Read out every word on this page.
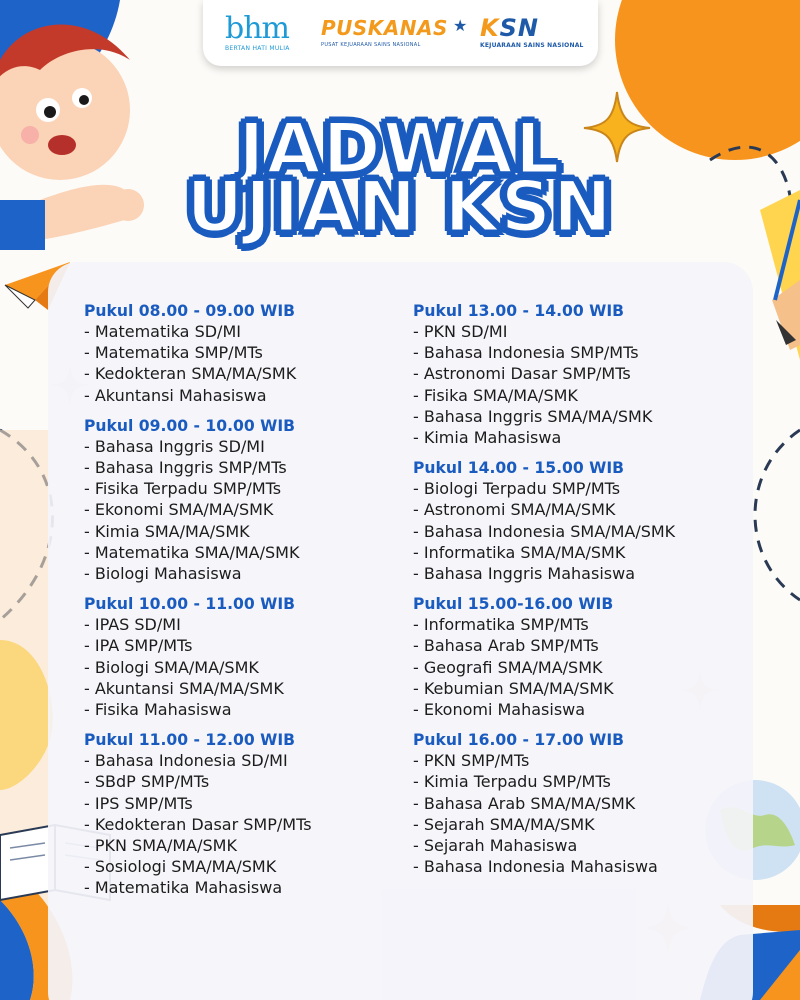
bhm
BERTAN HATI MULIA
PUSKANAS
PUSAT KEJUARAAN SAINS NASIONAL
★ KSN
KEJUARAAN SAINS NASIONAL
JADWAL
UJIAN KSN
Pukul 08.00 - 09.00 WIB
- Matematika SD/MI
- Matematika SMP/MTs
- Kedokteran SMA/MA/SMK
- Akuntansi Mahasiswa
Pukul 09.00 - 10.00 WIB
- Bahasa Inggris SD/MI
- Bahasa Inggris SMP/MTs
- Fisika Terpadu SMP/MTs
- Ekonomi SMA/MA/SMK
- Kimia SMA/MA/SMK
- Matematika SMA/MA/SMK
- Biologi Mahasiswa
Pukul 10.00 - 11.00 WIB
- IPAS SD/MI
- IPA SMP/MTs
- Biologi SMA/MA/SMK
- Akuntansi SMA/MA/SMK
- Fisika Mahasiswa
Pukul 11.00 - 12.00 WIB
- Bahasa Indonesia SD/MI
- SBdP SMP/MTs
- IPS SMP/MTs
- Kedokteran Dasar SMP/MTs
- PKN SMA/MA/SMK
- Sosiologi SMA/MA/SMK
- Matematika Mahasiswa
Pukul 13.00 - 14.00 WIB
- PKN SD/MI
- Bahasa Indonesia SMP/MTs
- Astronomi Dasar SMP/MTs
- Fisika SMA/MA/SMK
- Bahasa Inggris SMA/MA/SMK
- Kimia Mahasiswa
Pukul 14.00 - 15.00 WIB
- Biologi Terpadu SMP/MTs
- Astronomi SMA/MA/SMK
- Bahasa Indonesia SMA/MA/SMK
- Informatika SMA/MA/SMK
- Bahasa Inggris Mahasiswa
Pukul 15.00-16.00 WIB
- Informatika SMP/MTs
- Bahasa Arab SMP/MTs
- Geografi SMA/MA/SMK
- Kebumian SMA/MA/SMK
- Ekonomi Mahasiswa
Pukul 16.00 - 17.00 WIB
- PKN SMP/MTs
- Kimia Terpadu SMP/MTs
- Bahasa Arab SMA/MA/SMK
- Sejarah SMA/MA/SMK
- Sejarah Mahasiswa
- Bahasa Indonesia Mahasiswa
